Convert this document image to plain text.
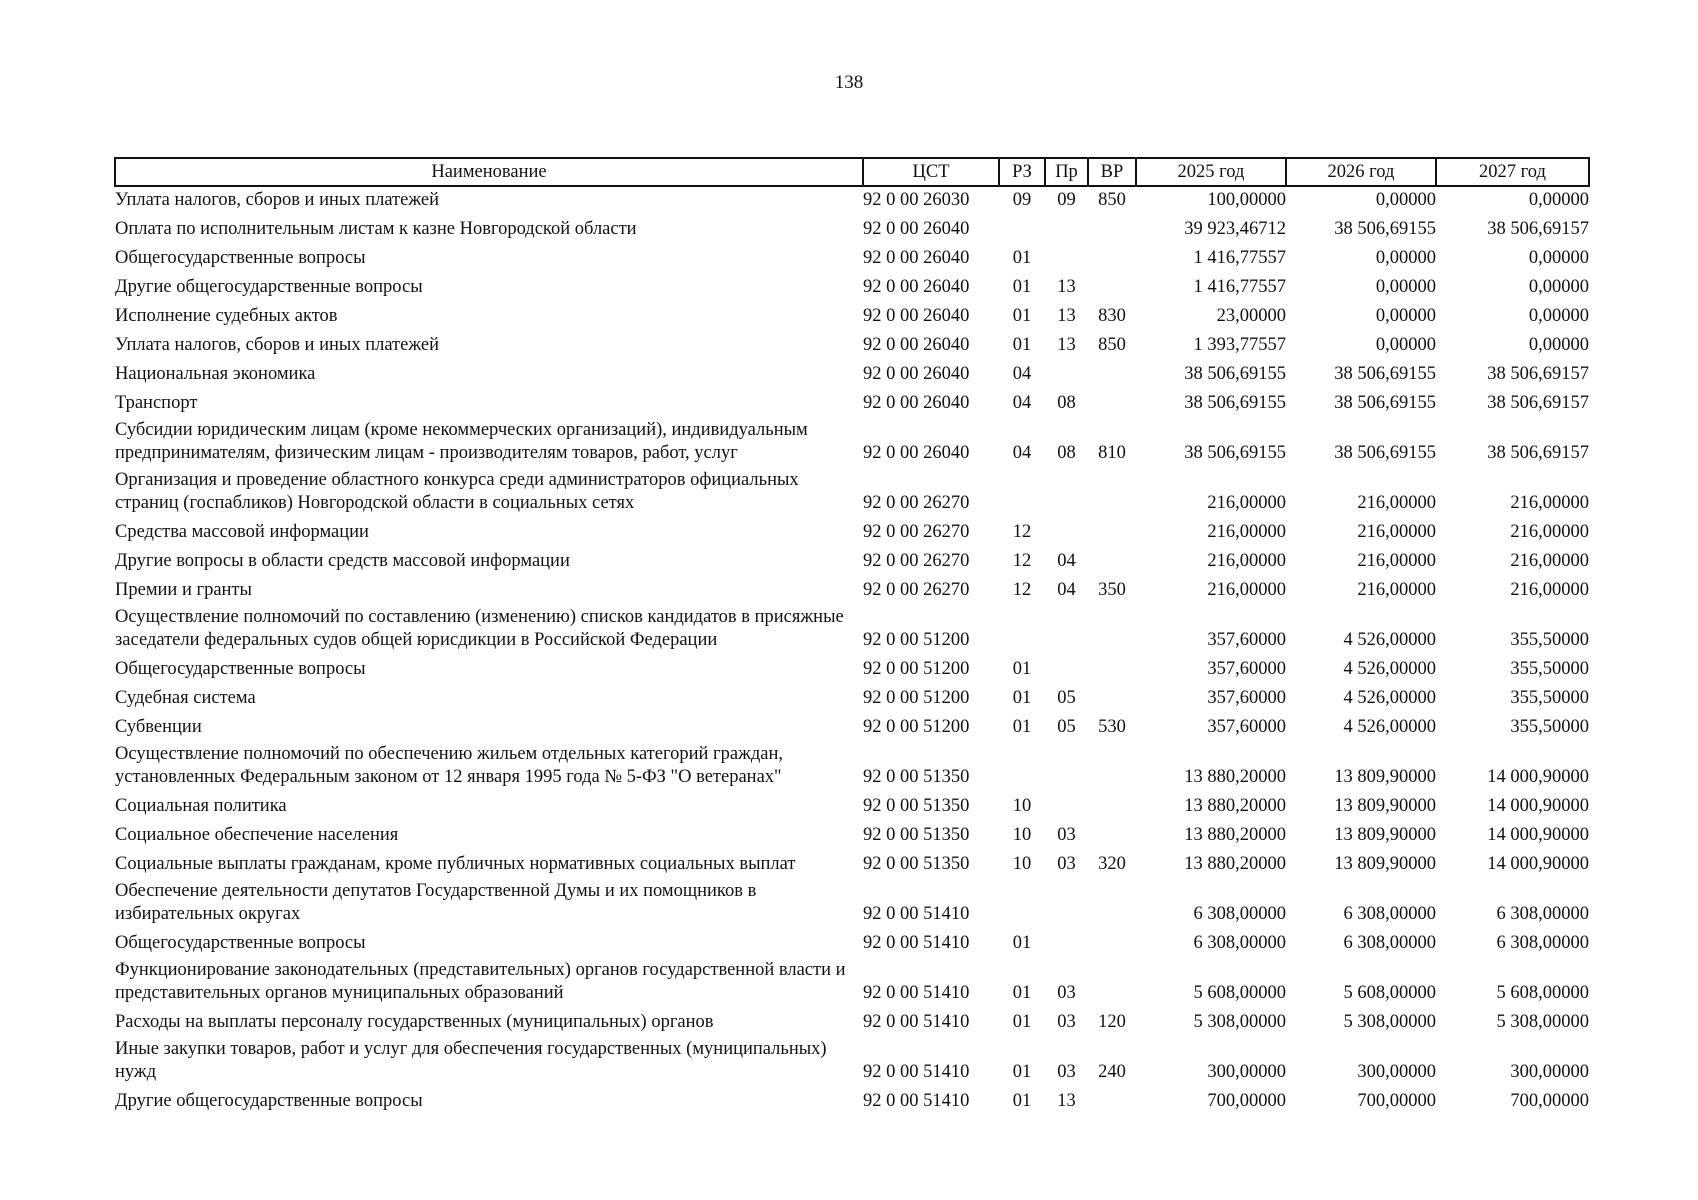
138
Наименование	ЦСТ	РЗ	Пр	ВР	2025 год	2026 год	2027 год
Уплата налогов, сборов и иных платежей	92 0 00 26030	09	09	850	100,00000	0,00000	0,00000
Оплата по исполнительным листам к казне Новгородской области	92 0 00 26040				39 923,46712	38 506,69155	38 506,69157
Общегосударственные вопросы	92 0 00 26040	01			1 416,77557	0,00000	0,00000
Другие общегосударственные вопросы	92 0 00 26040	01	13		1 416,77557	0,00000	0,00000
Исполнение судебных актов	92 0 00 26040	01	13	830	23,00000	0,00000	0,00000
Уплата налогов, сборов и иных платежей	92 0 00 26040	01	13	850	1 393,77557	0,00000	0,00000
Национальная экономика	92 0 00 26040	04			38 506,69155	38 506,69155	38 506,69157
Транспорт	92 0 00 26040	04	08		38 506,69155	38 506,69155	38 506,69157
Субсидии юридическим лицам (кроме некоммерческих организаций), индивидуальным предпринимателям, физическим лицам - производителям товаров, работ, услуг	92 0 00 26040	04	08	810	38 506,69155	38 506,69155	38 506,69157
Организация и проведение областного конкурса среди администраторов официальных страниц (госпабликов) Новгородской области в социальных сетях	92 0 00 26270				216,00000	216,00000	216,00000
Средства массовой информации	92 0 00 26270	12			216,00000	216,00000	216,00000
Другие вопросы в области средств массовой информации	92 0 00 26270	12	04		216,00000	216,00000	216,00000
Премии и гранты	92 0 00 26270	12	04	350	216,00000	216,00000	216,00000
Осуществление полномочий по составлению (изменению) списков кандидатов в присяжные заседатели федеральных судов общей юрисдикции в Российской Федерации	92 0 00 51200				357,60000	4 526,00000	355,50000
Общегосударственные вопросы	92 0 00 51200	01			357,60000	4 526,00000	355,50000
Судебная система	92 0 00 51200	01	05		357,60000	4 526,00000	355,50000
Субвенции	92 0 00 51200	01	05	530	357,60000	4 526,00000	355,50000
Осуществление полномочий по обеспечению жильем отдельных категорий граждан, установленных Федеральным законом от 12 января 1995 года № 5-ФЗ "О ветеранах"	92 0 00 51350				13 880,20000	13 809,90000	14 000,90000
Социальная политика	92 0 00 51350	10			13 880,20000	13 809,90000	14 000,90000
Социальное обеспечение населения	92 0 00 51350	10	03		13 880,20000	13 809,90000	14 000,90000
Социальные выплаты гражданам, кроме публичных нормативных социальных выплат	92 0 00 51350	10	03	320	13 880,20000	13 809,90000	14 000,90000
Обеспечение деятельности депутатов Государственной Думы и их помощников в избирательных округах	92 0 00 51410				6 308,00000	6 308,00000	6 308,00000
Общегосударственные вопросы	92 0 00 51410	01			6 308,00000	6 308,00000	6 308,00000
Функционирование законодательных (представительных) органов государственной власти и представительных органов муниципальных образований	92 0 00 51410	01	03		5 608,00000	5 608,00000	5 608,00000
Расходы на выплаты персоналу государственных (муниципальных) органов	92 0 00 51410	01	03	120	5 308,00000	5 308,00000	5 308,00000
Иные закупки товаров, работ и услуг для обеспечения государственных (муниципальных) нужд	92 0 00 51410	01	03	240	300,00000	300,00000	300,00000
Другие общегосударственные вопросы	92 0 00 51410	01	13		700,00000	700,00000	700,00000
